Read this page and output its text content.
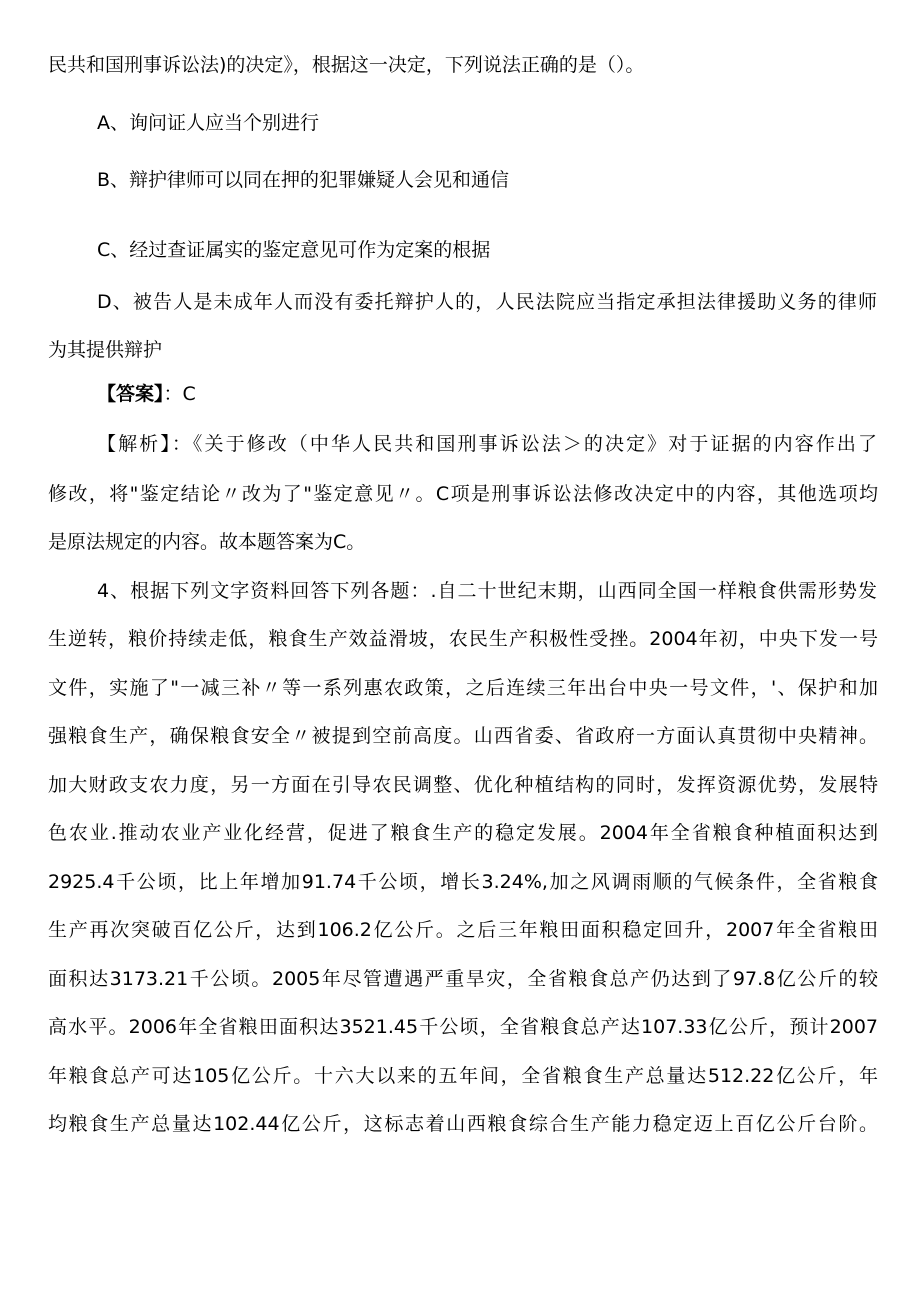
民共和国刑事诉讼法)的决定》，根据这一决定，下列说法正确的是（）。
A、询问证人应当个别进行
B、辩护律师可以同在押的犯罪嫌疑人会见和通信
C、经过查证属实的鉴定意见可作为定案的根据
D、被告人是未成年人而没有委托辩护人的，人民法院应当指定承担法律援助义务的律师
为其提供辩护
【答案】：C
【解析】：《关于修改（中华人民共和国刑事诉讼法＞的决定》对于证据的内容作出了
修改，将"鉴定结论〃改为了"鉴定意见〃。C项是刑事诉讼法修改决定中的内容，其他选项均
是原法规定的内容。故本题答案为C。
4、根据下列文字资料回答下列各题：.自二十世纪末期，山西同全国一样粮食供需形势发
生逆转，粮价持续走低，粮食生产效益滑坡，农民生产积极性受挫。2004年初，中央下发一号
文件，实施了"一减三补〃等一系列惠农政策，之后连续三年出台中央一号文件，'、保护和加
强粮食生产，确保粮食安全〃被提到空前高度。山西省委、省政府一方面认真贯彻中央精神。
加大财政支农力度，另一方面在引导农民调整、优化种植结构的同时，发挥资源优势，发展特
色农业.推动农业产业化经营，促进了粮食生产的稳定发展。2004年全省粮食种植面积达到
2925.4千公顷，比上年增加91.74千公顷，增长3.24%,加之风调雨顺的气候条件，全省粮食
生产再次突破百亿公斤，达到106.2亿公斤。之后三年粮田面积稳定回升，2007年全省粮田
面积达3173.21千公顷。2005年尽管遭遇严重旱灾，全省粮食总产仍达到了97.8亿公斤的较
高水平。2006年全省粮田面积达3521.45千公顷，全省粮食总产达107.33亿公斤，预计2007
年粮食总产可达105亿公斤。十六大以来的五年间，全省粮食生产总量达512.22亿公斤，年
均粮食生产总量达102.44亿公斤，这标志着山西粮食综合生产能力稳定迈上百亿公斤台阶。
